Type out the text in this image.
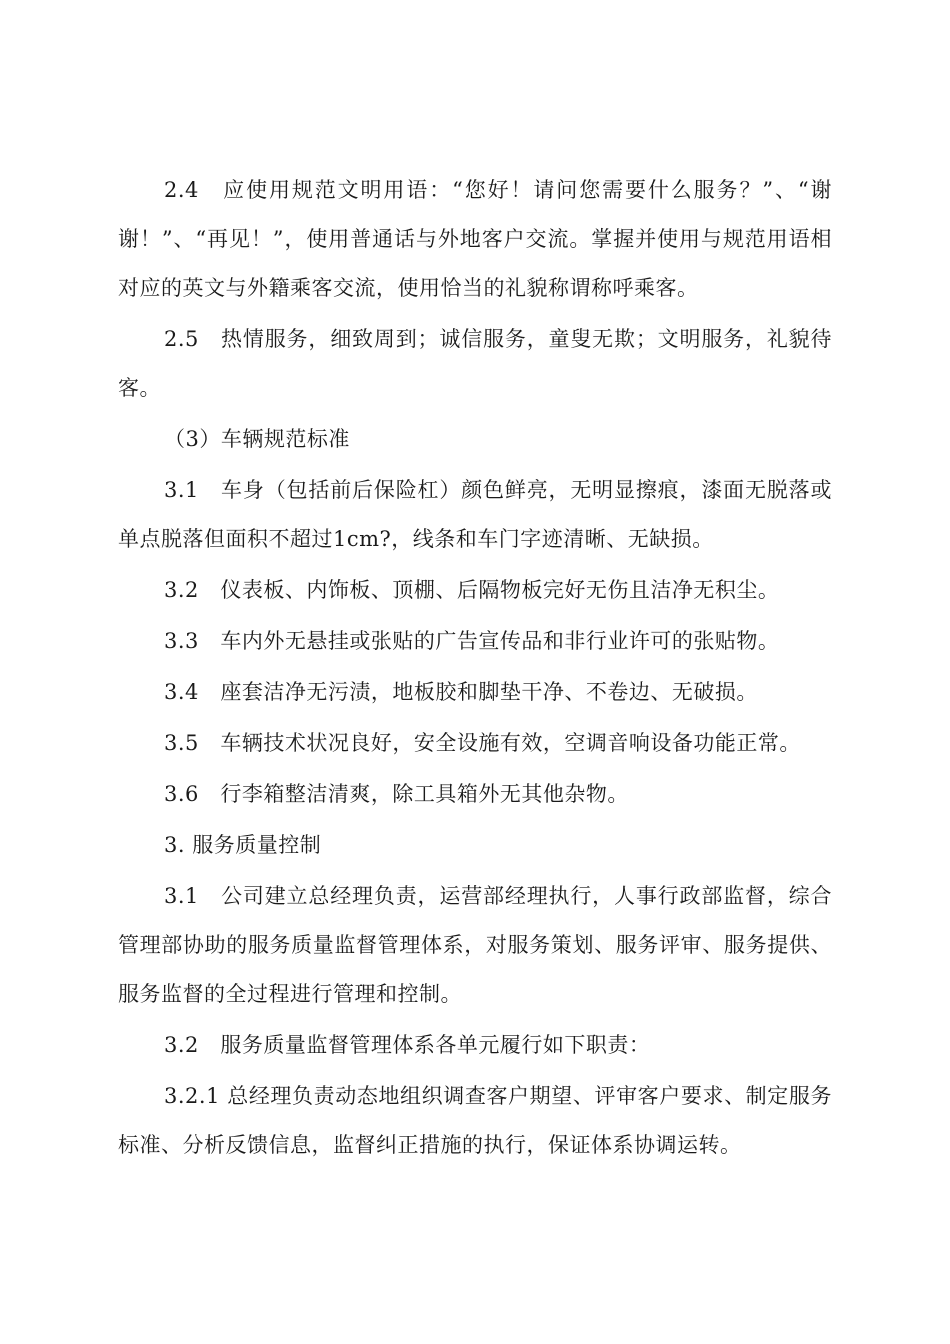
2.4　应使用规范文明用语：“您好！请问您需要什么服务？”、“谢谢！”、“再见！”，使用普通话与外地客户交流。掌握并使用与规范用语相对应的英文与外籍乘客交流，使用恰当的礼貌称谓称呼乘客。

2.5　热情服务，细致周到；诚信服务，童叟无欺；文明服务，礼貌待客。

（3）车辆规范标准

3.1　车身（包括前后保险杠）颜色鲜亮，无明显擦痕，漆面无脱落或单点脱落但面积不超过1cm?，线条和车门字迹清晰、无缺损。

3.2　仪表板、内饰板、顶棚、后隔物板完好无伤且洁净无积尘。

3.3　车内外无悬挂或张贴的广告宣传品和非行业许可的张贴物。

3.4　座套洁净无污渍，地板胶和脚垫干净、不卷边、无破损。

3.5　车辆技术状况良好，安全设施有效，空调音响设备功能正常。

3.6　行李箱整洁清爽，除工具箱外无其他杂物。

3. 服务质量控制

3.1　公司建立总经理负责，运营部经理执行，人事行政部监督，综合管理部协助的服务质量监督管理体系，对服务策划、服务评审、服务提供、服务监督的全过程进行管理和控制。

3.2　服务质量监督管理体系各单元履行如下职责：

3.2.1 总经理负责动态地组织调查客户期望、评审客户要求、制定服务标准、分析反馈信息，监督纠正措施的执行，保证体系协调运转。
